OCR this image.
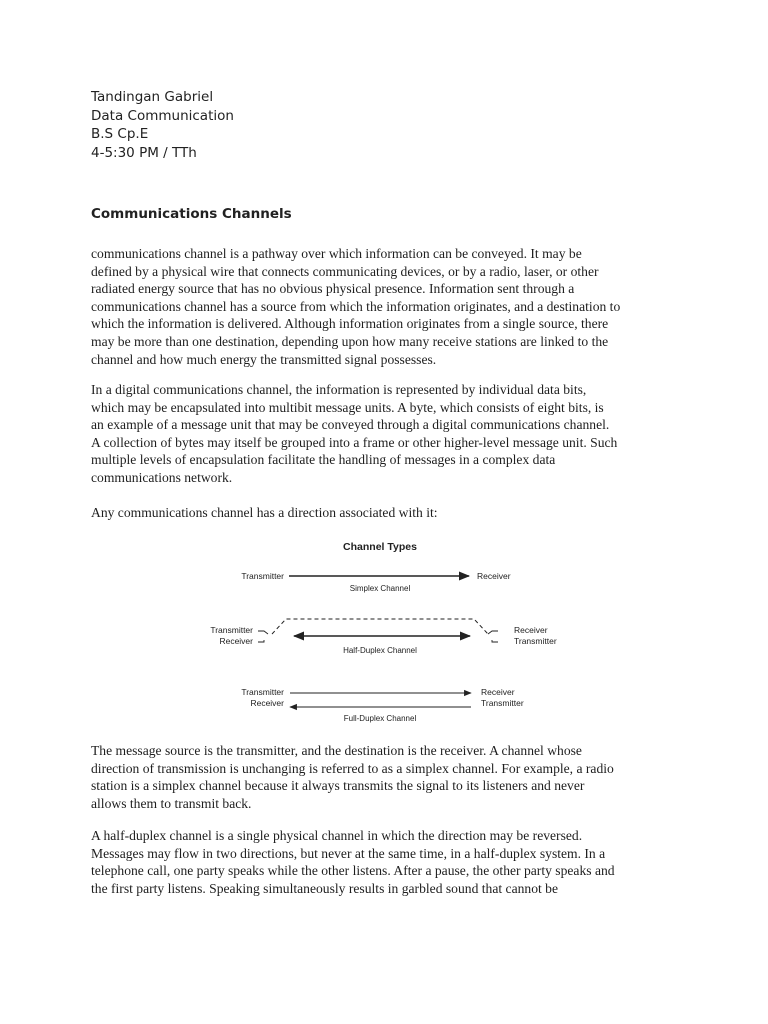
Tandingan Gabriel
Data Communication
B.S Cp.E
4-5:30 PM / TTh
Communications Channels
communications channel is a pathway over which information can be conveyed. It may be
defined by a physical wire that connects communicating devices, or by a radio, laser, or other
radiated energy source that has no obvious physical presence. Information sent through a
communications channel has a source from which the information originates, and a destination to
which the information is delivered. Although information originates from a single source, there
may be more than one destination, depending upon how many receive stations are linked to the
channel and how much energy the transmitted signal possesses.
In a digital communications channel, the information is represented by individual data bits,
which may be encapsulated into multibit message units. A byte, which consists of eight bits, is
an example of a message unit that may be conveyed through a digital communications channel.
A collection of bytes may itself be grouped into a frame or other higher-level message unit. Such
multiple levels of encapsulation facilitate the handling of messages in a complex data
communications network.
Any communications channel has a direction associated with it:
Channel Types
Transmitter	Receiver
Simplex Channel
Transmitter
Receiver
Receiver
Transmitter
Half-Duplex Channel
Transmitter
Receiver
Receiver
Transmitter
Full-Duplex Channel
The message source is the transmitter, and the destination is the receiver. A channel whose
direction of transmission is unchanging is referred to as a simplex channel. For example, a radio
station is a simplex channel because it always transmits the signal to its listeners and never
allows them to transmit back.
A half-duplex channel is a single physical channel in which the direction may be reversed.
Messages may flow in two directions, but never at the same time, in a half-duplex system. In a
telephone call, one party speaks while the other listens. After a pause, the other party speaks and
the first party listens. Speaking simultaneously results in garbled sound that cannot be
